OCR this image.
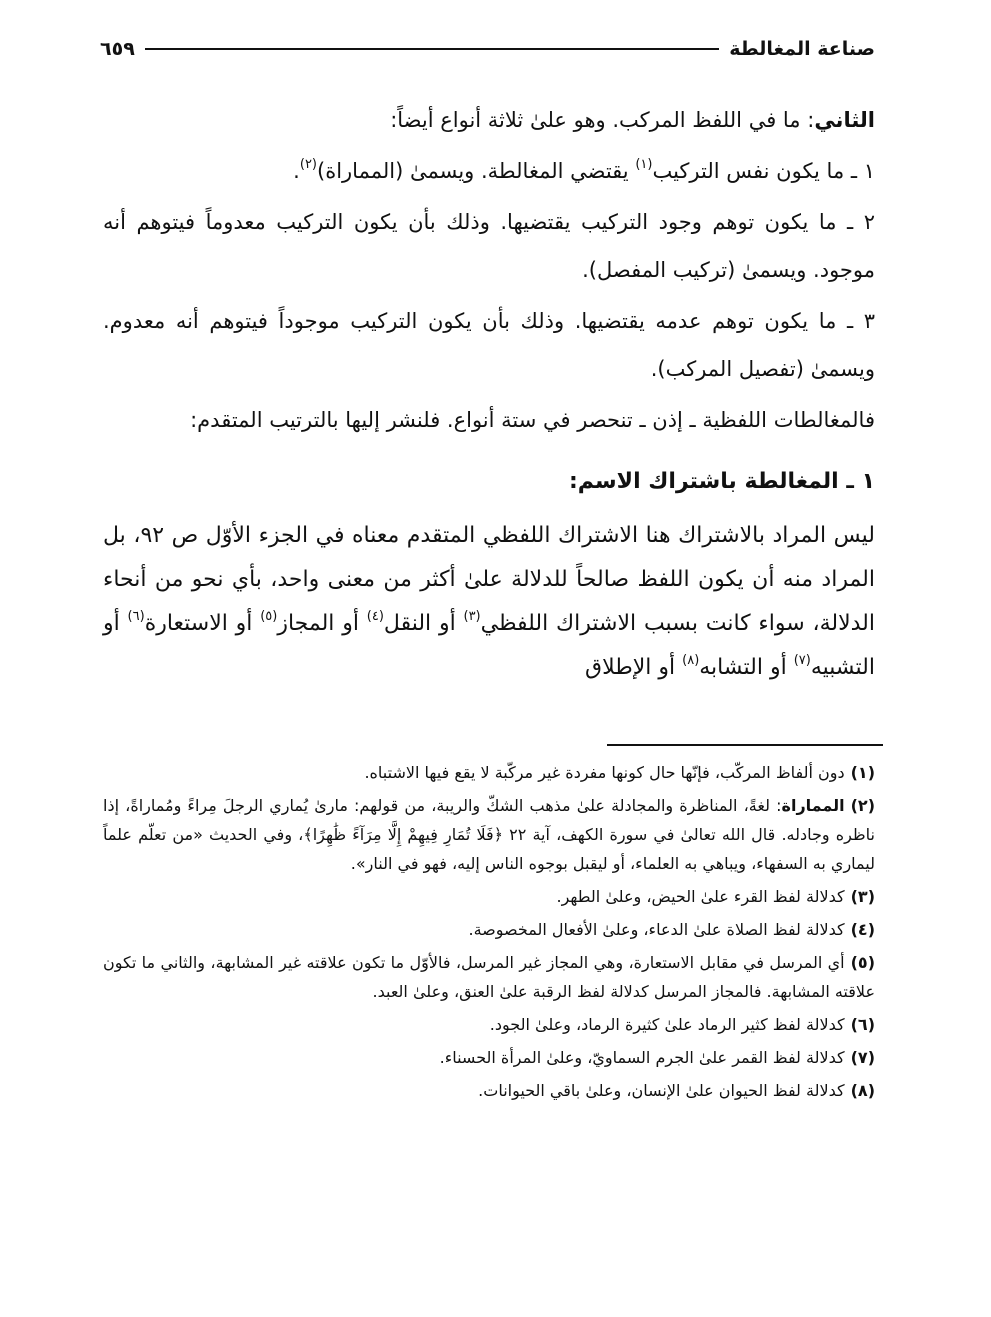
صناعة المغالطة
٦٥٩

الثاني: ما في اللفظ المركب. وهو علىٰ ثلاثة أنواع أيضاً:

١ ـ ما يكون نفس التركيب$^{(١)}$ يقتضي المغالطة. ويسمىٰ (المماراة)$^{(٢)}$.

٢ ـ ما يكون توهم وجود التركيب يقتضيها. وذلك بأن يكون التركيب معدوماً فيتوهم أنه موجود. ويسمىٰ (تركيب المفصل).

٣ ـ ما يكون توهم عدمه يقتضيها. وذلك بأن يكون التركيب موجوداً فيتوهم أنه معدوم. ويسمىٰ (تفصيل المركب).

فالمغالطات اللفظية ـ إذن ـ تنحصر في ستة أنواع. فلنشر إليها بالترتيب المتقدم:

١ ـ المغالطة باشتراك الاسم:

ليس المراد بالاشتراك هنا الاشتراك اللفظي المتقدم معناه في الجزء الأوّل ص ٩٢، بل المراد منه أن يكون اللفظ صالحاً للدلالة علىٰ أكثر من معنى واحد، بأي نحو من أنحاء الدلالة، سواء كانت بسبب الاشتراك اللفظي$^{(٣)}$ أو النقل$^{(٤)}$ أو المجاز$^{(٥)}$ أو الاستعارة$^{(٦)}$ أو التشبيه$^{(٧)}$ أو التشابه$^{(٨)}$ أو الإطلاق

(١)دون ألفاظ المركّب، فإنّها حال كونها مفردة غير مركّبة لا يقع فيها الاشتباه.
(٢)المماراة: لغةً، المناظرة والمجادلة علىٰ مذهب الشكّ والريبة، من قولهم: مارىٰ يُماري الرجلَ مِراءً ومُماراةً، إذا ناظره وجادله. قال الله تعالىٰ في سورة الكهف، آية ٢٢ ﴿فَلَا تُمَارِ فِيهِمْ إِلَّا مِرَآءً ظَٰهِرًا﴾، وفي الحديث «من تعلّم علماً ليماري به السفهاء، ويباهي به العلماء، أو ليقبل بوجوه الناس إليه، فهو في النار».
(٣)كدلالة لفظ القرء علىٰ الحيض، وعلىٰ الطهر.
(٤)كدلالة لفظ الصلاة علىٰ الدعاء، وعلىٰ الأفعال المخصوصة.
(٥)أي المرسل في مقابل الاستعارة، وهي المجاز غير المرسل، فالأوّل ما تكون علاقته غير المشابهة، والثاني ما تكون علاقته المشابهة. فالمجاز المرسل كدلالة لفظ الرقبة علىٰ العنق، وعلىٰ العبد.
(٦)كدلالة لفظ كثير الرماد علىٰ كثيرة الرماد، وعلىٰ الجود.
(٧)كدلالة لفظ القمر علىٰ الجرم السماويّ، وعلىٰ المرأة الحسناء.
(٨)كدلالة لفظ الحيوان علىٰ الإنسان، وعلىٰ باقي الحيوانات.
